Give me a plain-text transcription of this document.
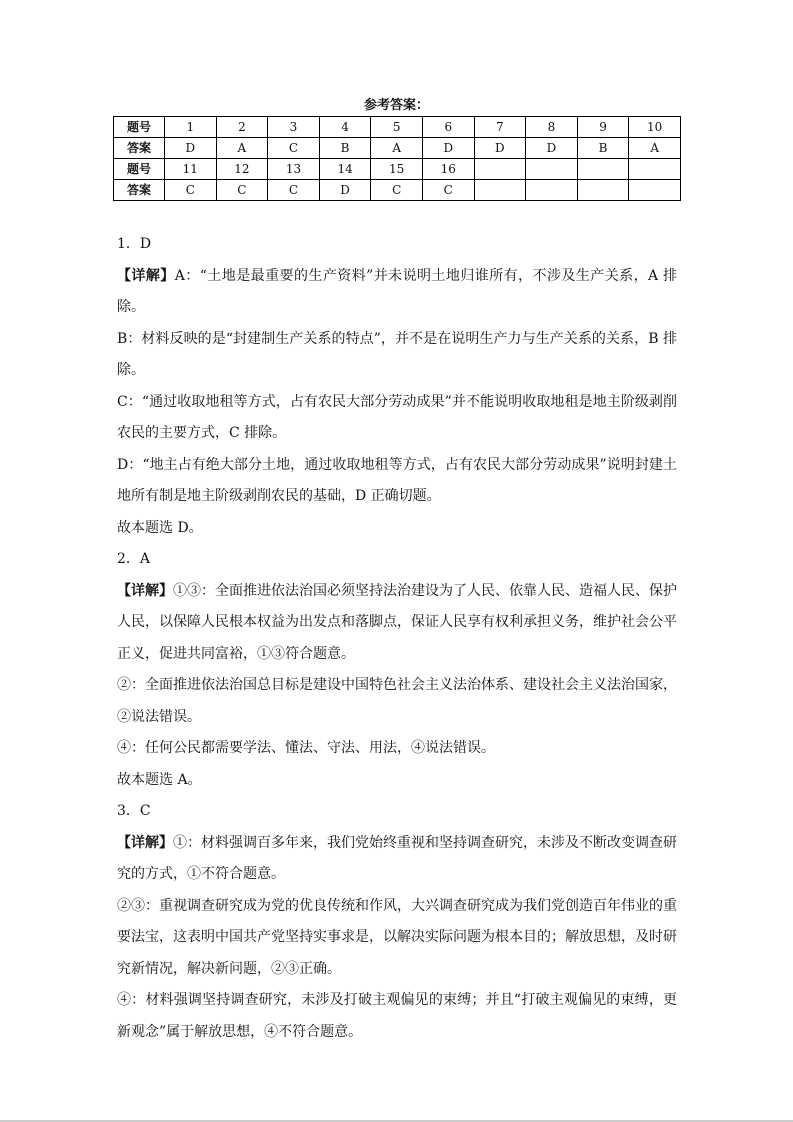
参考答案：
题号	1	2	3	4	5	6	7	8	9	10
答案	D	A	C	B	A	D	D	D	B	A
题号	11	12	13	14	15	16				
答案	C	C	C	D	C	C				

1．D

【详解】A：“土地是最重要的生产资料”并未说明土地归谁所有，不涉及生产关系，A 排除。

B：材料反映的是“封建制生产关系的特点”，并不是在说明生产力与生产关系的关系，B 排除。

C：“通过收取地租等方式，占有农民大部分劳动成果”并不能说明收取地租是地主阶级剥削农民的主要方式，C 排除。

D：“地主占有绝大部分土地，通过收取地租等方式，占有农民大部分劳动成果”说明封建土地所有制是地主阶级剥削农民的基础，D 正确切题。

故本题选 D。

2．A

【详解】①③：全面推进依法治国必须坚持法治建设为了人民、依靠人民、造福人民、保护人民，以保障人民根本权益为出发点和落脚点，保证人民享有权利承担义务，维护社会公平正义，促进共同富裕，①③符合题意。

②：全面推进依法治国总目标是建设中国特色社会主义法治体系、建设社会主义法治国家，②说法错误。

④：任何公民都需要学法、懂法、守法、用法，④说法错误。

故本题选 A。

3．C

【详解】①：材料强调百多年来，我们党始终重视和坚持调查研究，未涉及不断改变调查研究的方式，①不符合题意。

②③：重视调查研究成为党的优良传统和作风，大兴调查研究成为我们党创造百年伟业的重要法宝，这表明中国共产党坚持实事求是，以解决实际问题为根本目的；解放思想，及时研究新情况，解决新问题，②③正确。

④：材料强调坚持调查研究，未涉及打破主观偏见的束缚；并且“打破主观偏见的束缚，更新观念”属于解放思想，④不符合题意。
